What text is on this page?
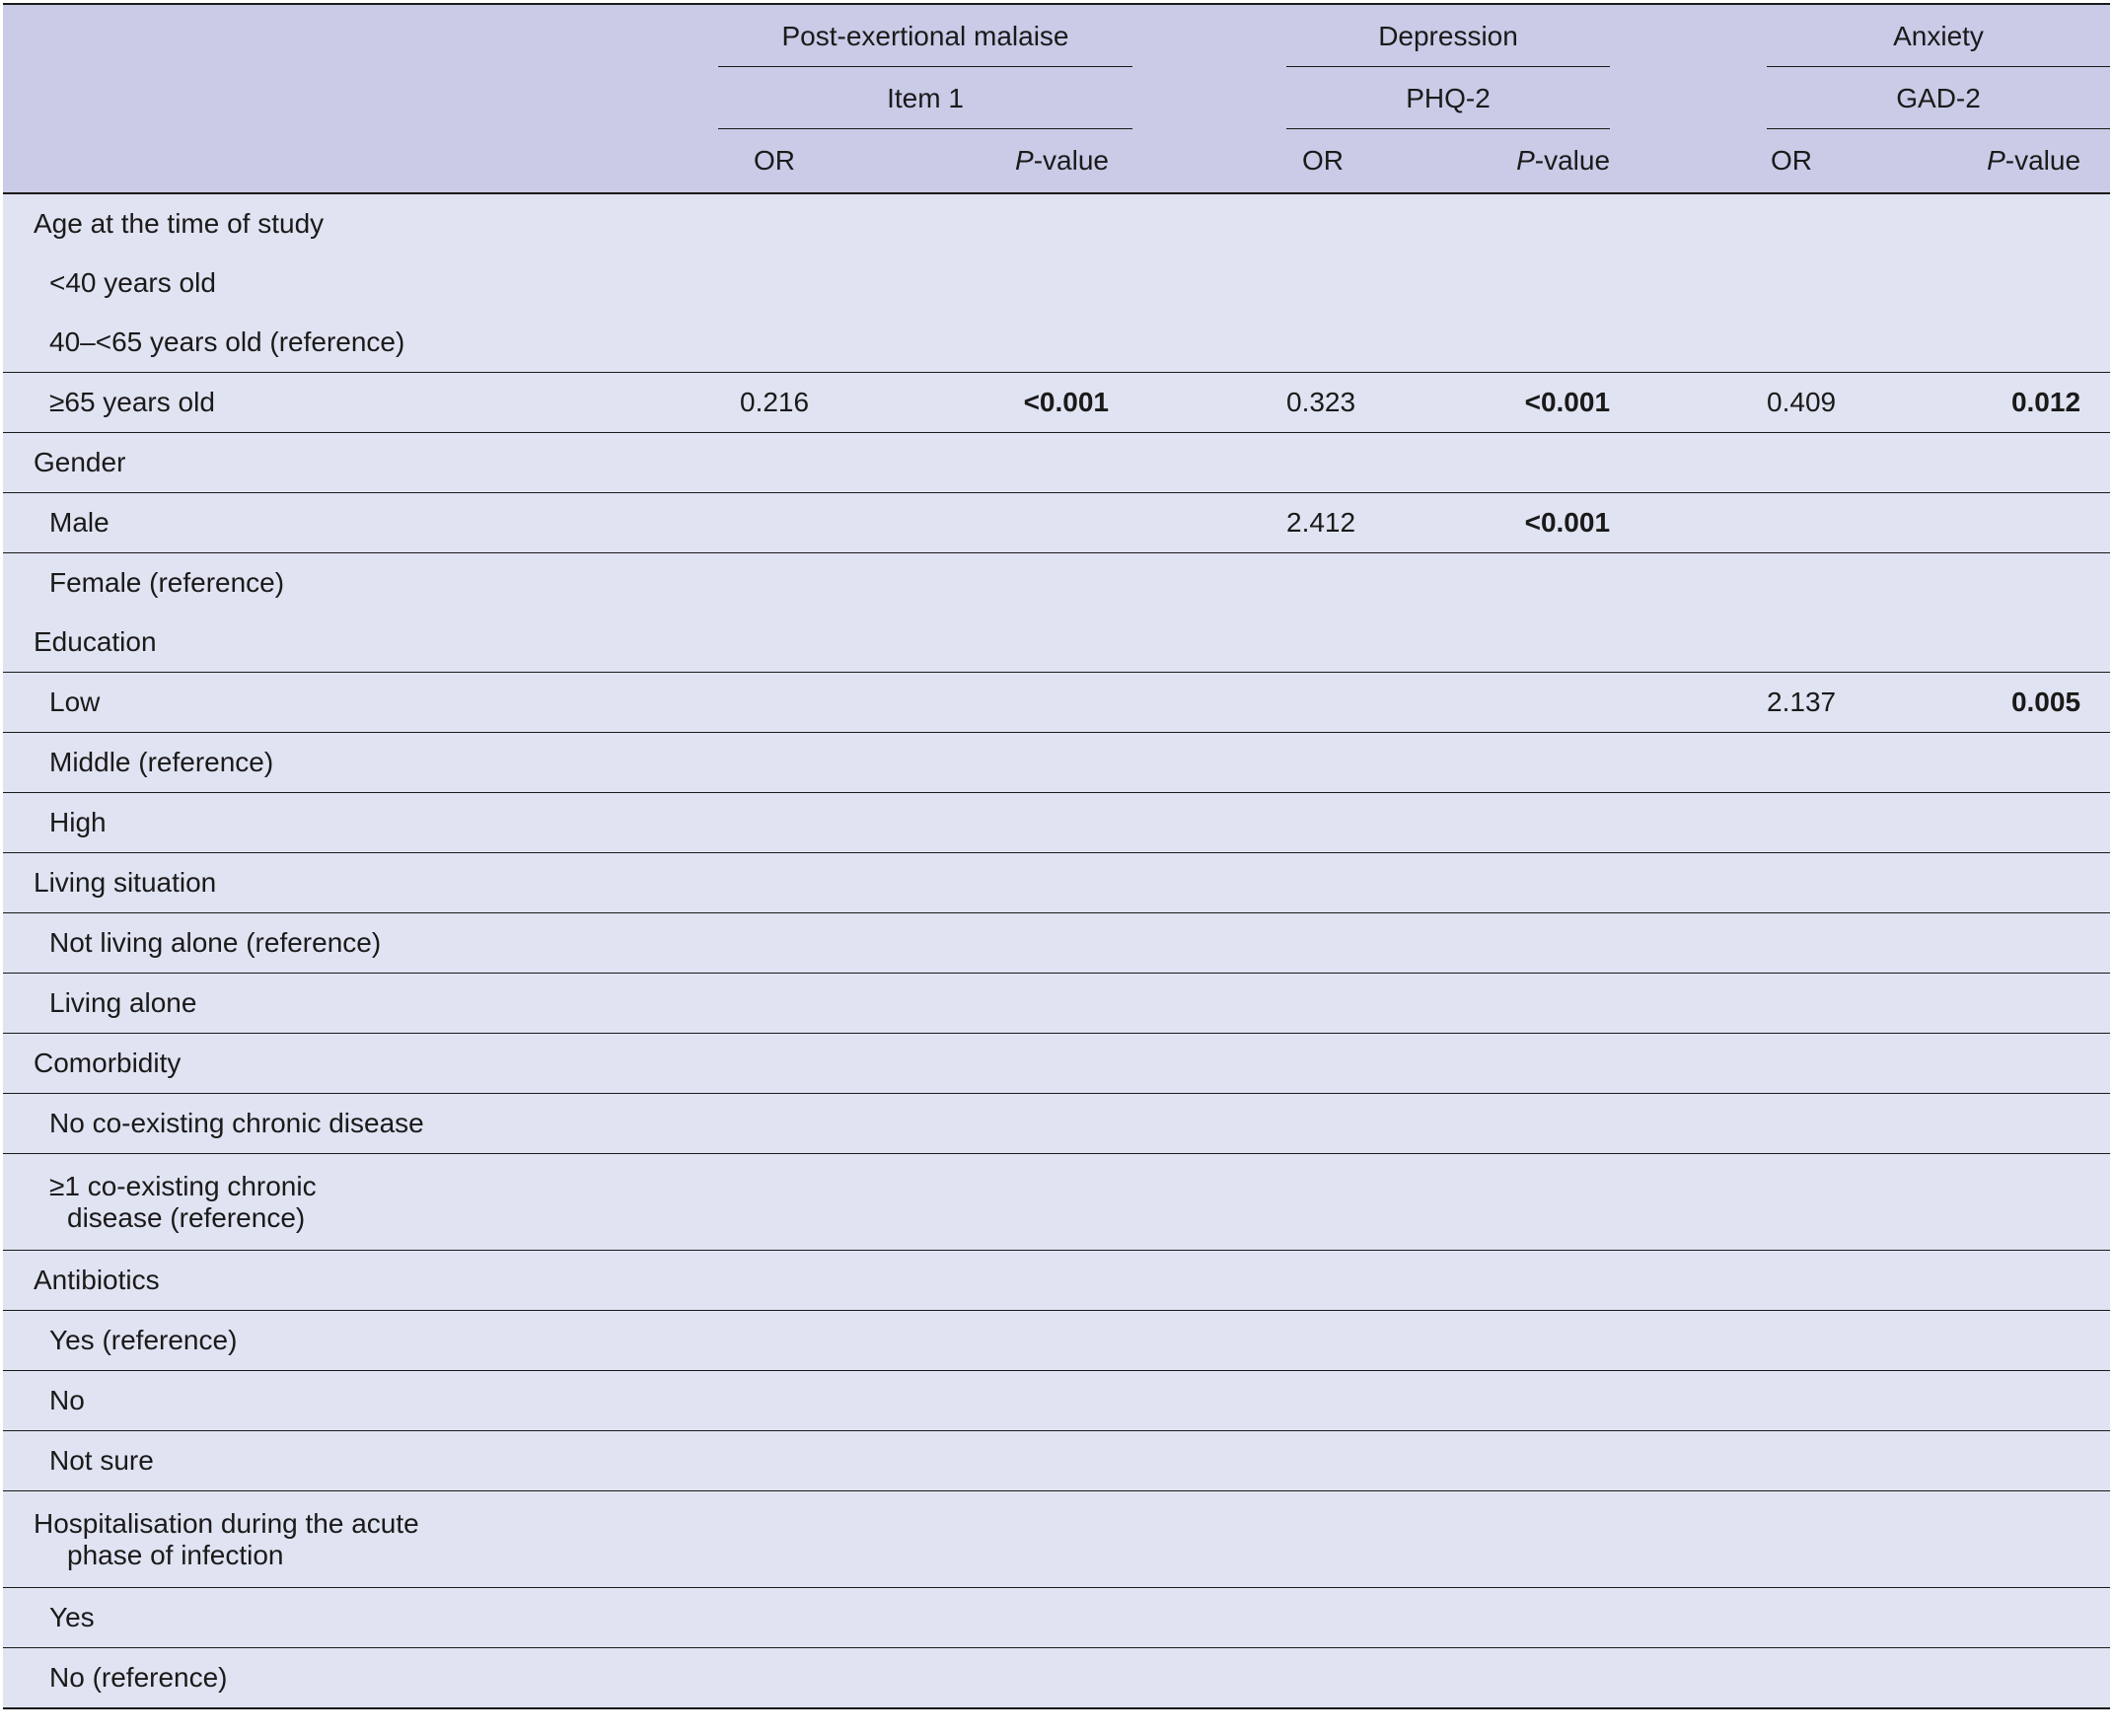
	Post-exertional malaise			Depression			Anxiety	

	Item 1			PHQ-2			GAD-2	

	OR	P-value		OR	P-value		OR	P-value
Age at the time of study								
<40 years old								
40–<65 years old (reference)								
≥65 years old	0.216	<0.001		0.323	<0.001		0.409	0.012
Gender								
Male				2.412	<0.001			
Female (reference)								
Education								
Low							2.137	0.005
Middle (reference)								
High								
Living situation								
Not living alone (reference)								
Living alone								
Comorbidity								
No co-existing chronic disease								
≥1 co-existing chronic
disease (reference)								

Antibiotics								
Yes (reference)								
No								
Not sure								
Hospitalisation during the acute
phase of infection								

Yes								
No (reference)								
